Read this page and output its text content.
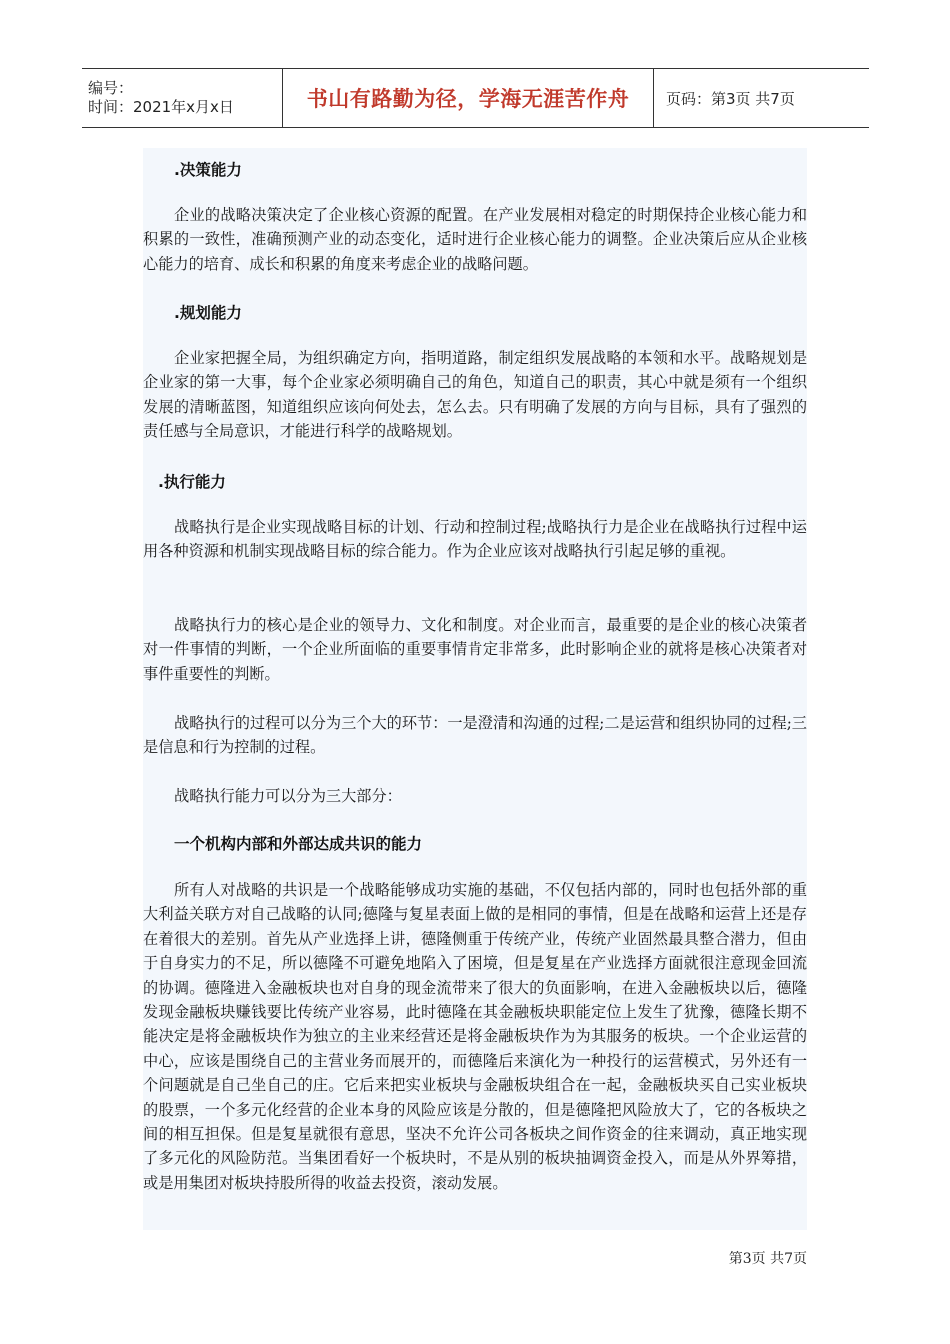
编号：
时间：2021年x月x日	书山有路勤为径，学海无涯苦作舟 页码：第3页 共7页
.决策能力

企业的战略决策决定了企业核心资源的配置。在产业发展相对稳定的时期保持企业核心能力和积累的一致性，准确预测产业的动态变化，适时进行企业核心能力的调整。企业决策后应从企业核心能力的培育、成长和积累的角度来考虑企业的战略问题。

.规划能力

企业家把握全局，为组织确定方向，指明道路，制定组织发展战略的本领和水平。战略规划是企业家的第一大事，每个企业家必须明确自己的角色，知道自己的职责，其心中就是须有一个组织发展的清晰蓝图，知道组织应该向何处去，怎么去。只有明确了发展的方向与目标，具有了强烈的责任感与全局意识，才能进行科学的战略规划。

.执行能力

战略执行是企业实现战略目标的计划、行动和控制过程;战略执行力是企业在战略执行过程中运用各种资源和机制实现战略目标的综合能力。作为企业应该对战略执行引起足够的重视。

战略执行力的核心是企业的领导力、文化和制度。对企业而言，最重要的是企业的核心决策者对一件事情的判断，一个企业所面临的重要事情肯定非常多，此时影响企业的就将是核心决策者对事件重要性的判断。

战略执行的过程可以分为三个大的环节：一是澄清和沟通的过程;二是运营和组织协同的过程;三是信息和行为控制的过程。

战略执行能力可以分为三大部分：

一个机构内部和外部达成共识的能力

所有人对战略的共识是一个战略能够成功实施的基础，不仅包括内部的，同时也包括外部的重大利益关联方对自己战略的认同;德隆与复星表面上做的是相同的事情，但是在战略和运营上还是存在着很大的差别。首先从产业选择上讲，德隆侧重于传统产业，传统产业固然最具整合潜力，但由于自身实力的不足，所以德隆不可避免地陷入了困境，但是复星在产业选择方面就很注意现金回流的协调。德隆进入金融板块也对自身的现金流带来了很大的负面影响，在进入金融板块以后，德隆发现金融板块赚钱要比传统产业容易，此时德隆在其金融板块职能定位上发生了犹豫，德隆长期不能决定是将金融板块作为独立的主业来经营还是将金融板块作为为其服务的板块。一个企业运营的中心，应该是围绕自己的主营业务而展开的，而德隆后来演化为一种投行的运营模式，另外还有一个问题就是自己坐自己的庄。它后来把实业板块与金融板块组合在一起，金融板块买自己实业板块的股票，一个多元化经营的企业本身的风险应该是分散的，但是德隆把风险放大了，它的各板块之间的相互担保。但是复星就很有意思，坚决不允许公司各板块之间作资金的往来调动，真正地实现了多元化的风险防范。当集团看好一个板块时，不是从别的板块抽调资金投入，而是从外界筹措，或是用集团对板块持股所得的收益去投资，滚动发展。

第3页 共7页
